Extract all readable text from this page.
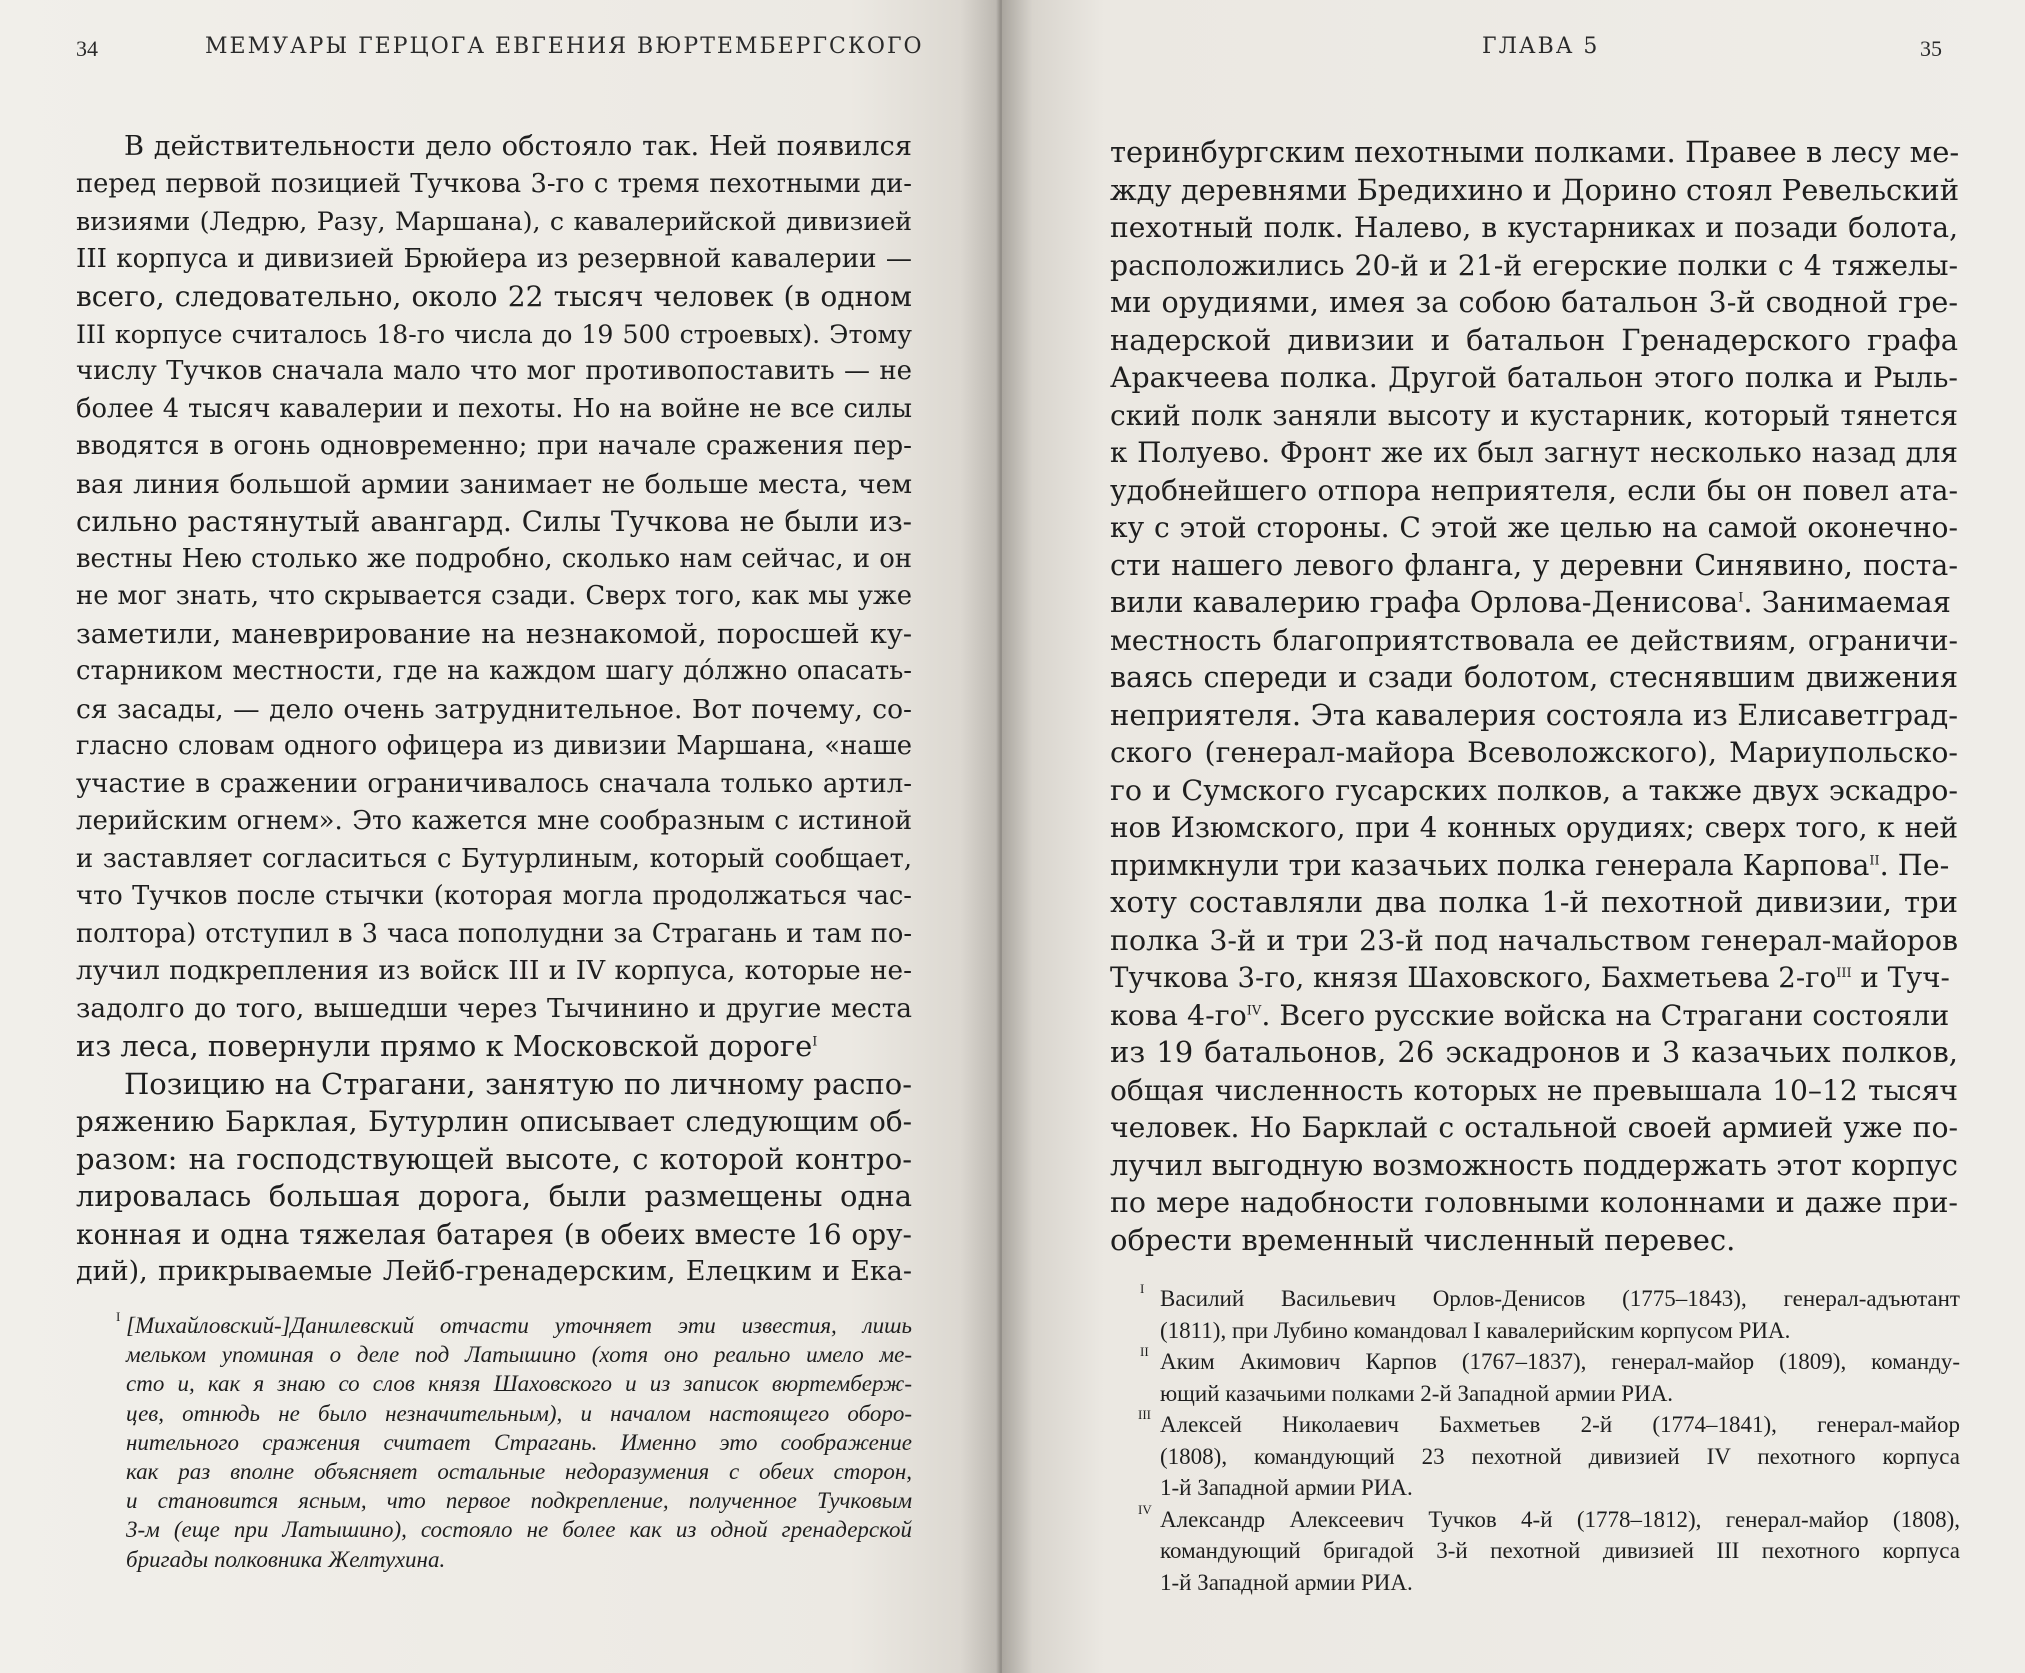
34	МЕМУАРЫ ГЕРЦОГА ЕВГЕНИЯ ВЮРТЕМБЕРГСКОГО
В действительности дело обстояло так. Ней появился
перед первой позицией Тучкова 3-го с тремя пехотными ди-
визиями (Ледрю, Разу, Маршана), с кавалерийской дивизией
III корпуса и дивизией Брюйера из резервной кавалерии —
всего, следовательно, около 22 тысяч человек (в одном
III корпусе считалось 18-го числа до 19 500 строевых). Этому
числу Тучков сначала мало что мог противопоставить — не
более 4 тысяч кавалерии и пехоты. Но на войне не все силы
вводятся в огонь одновременно; при начале сражения пер-
вая линия большой армии занимает не больше места, чем
сильно растянутый авангард. Силы Тучкова не были из-
вестны Нею столько же подробно, сколько нам сейчас, и он
не мог знать, что скрывается сзади. Сверх того, как мы уже
заметили, маневрирование на незнакомой, поросшей ку-
старником местности, где на каждом шагу до́лжно опасать-
ся засады, — дело очень затруднительное. Вот почему, со-
гласно словам одного офицера из дивизии Маршана, «наше
участие в сражении ограничивалось сначала только артил-
лерийским огнем». Это кажется мне сообразным с истиной
и заставляет согласиться с Бутурлиным, который сообщает,
что Тучков после стычки (которая могла продолжаться час-
полтора) отступил в 3 часа пополудни за Страгань и там по-
лучил подкрепления из войск III и IV корпуса, которые не-
задолго до того, вышедши через Тычинино и другие места
из леса, повернули прямо к Московской дороге$^I$
Позицию на Страгани, занятую по личному распо-
ряжению Барклая, Бутурлин описывает следующим об-
разом: на господствующей высоте, с которой контро-
лировалась большая дорога, были размещены одна
конная и одна тяжелая батарея (в обеих вместе 16 ору-
дий), прикрываемые Лейб-гренадерским, Елецким и Ека-
I [Михайловский-]Данилевский отчасти уточняет эти известия, лишь
мельком упоминая о деле под Латышино (хотя оно реально имело ме-
сто и, как я знаю со слов князя Шаховского и из записок вюртемберж-
цев, отнюдь не было незначительным), и началом настоящего оборо-
нительного сражения считает Страгань. Именно это соображение
как раз вполне объясняет остальные недоразумения с обеих сторон,
и становится ясным, что первое подкрепление, полученное Тучковым
3-м (еще при Латышино), состояло не более как из одной гренадерской
бригады полковника Желтухина.
ГЛАВА 5	35
теринбургским пехотными полками. Правее в лесу ме-
жду деревнями Бредихино и Дорино стоял Ревельский
пехотный полк. Налево, в кустарниках и позади болота,
расположились 20-й и 21-й егерские полки с 4 тяжелы-
ми орудиями, имея за собою батальон 3-й сводной гре-
надерской дивизии и батальон Гренадерского графа
Аракчеева полка. Другой батальон этого полка и Рыль-
ский полк заняли высоту и кустарник, который тянется
к Полуево. Фронт же их был загнут несколько назад для
удобнейшего отпора неприятеля, если бы он повел ата-
ку с этой стороны. С этой же целью на самой оконечно-
сти нашего левого фланга, у деревни Синявино, поста-
вили кавалерию графа Орлова-Денисова$^I$. Занимаемая
местность благоприятствовала ее действиям, ограничи-
ваясь спереди и сзади болотом, стеснявшим движения
неприятеля. Эта кавалерия состояла из Елисаветград-
ского (генерал-майора Всеволожского), Мариупольско-
го и Сумского гусарских полков, а также двух эскадро-
нов Изюмского, при 4 конных орудиях; сверх того, к ней
примкнули три казачьих полка генерала Карпова$^{II}$. Пе-
хоту составляли два полка 1-й пехотной дивизии, три
полка 3-й и три 23-й под начальством генерал-майоров
Тучкова 3-го, князя Шаховского, Бахметьева $2-го^{III}$ и Туч-
кова $4-го^{IV}$. Всего русские войска на Страгани состояли
из 19 батальонов, 26 эскадронов и 3 казачьих полков,
общая численность которых не превышала 10–12 тысяч
человек. Но Барклай с остальной своей армией уже по-
лучил выгодную возможность поддержать этот корпус
по мере надобности головными колоннами и даже при-
обрести временный численный перевес.
I Василий Васильевич Орлов-Денисов (1775–1843), генерал-адъютант
(1811), при Лубино командовал I кавалерийским корпусом РИА.
II Аким Акимович Карпов (1767–1837), генерал-майор (1809), команду-
ющий казачьими полками 2-й Западной армии РИА.
III Алексей Николаевич Бахметьев 2-й (1774–1841), генерал-майор
(1808), командующий 23 пехотной дивизией IV пехотного корпуса
1-й Западной армии РИА.
IV Александр Алексеевич Тучков 4-й (1778–1812), генерал-майор (1808),
командующий бригадой 3-й пехотной дивизией III пехотного корпуса
1-й Западной армии РИА.
